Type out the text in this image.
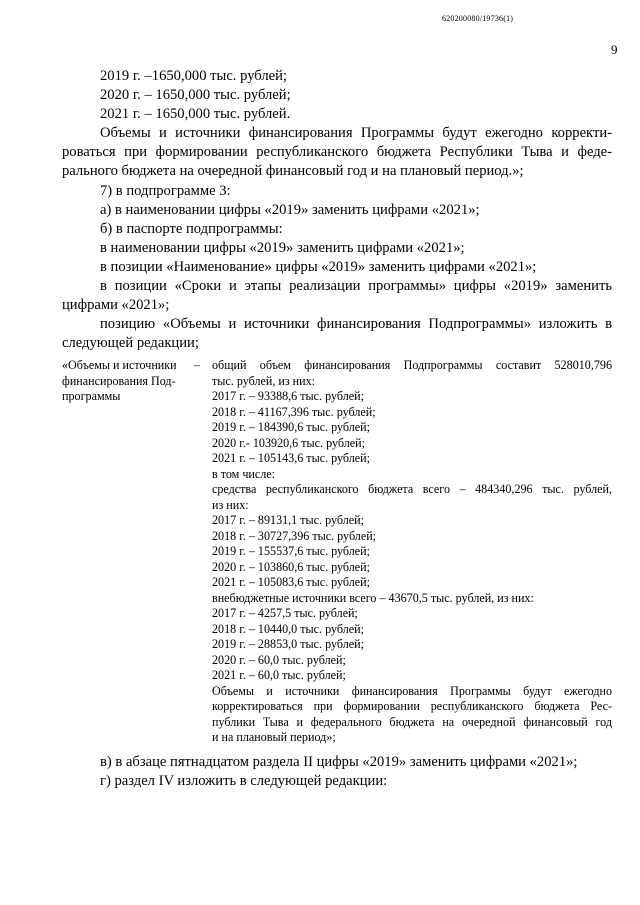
620200080/19736(1)
9

2019 г. –1650,000 тыс. рублей;

2020 г. – 1650,000 тыс. рублей;

2021 г. – 1650,000 тыс. рублей.

Объемы и источники финансирования Программы будут ежегодно корректи-

роваться при формировании республиканского бюджета Республики Тыва и феде-

рального бюджета на очередной финансовый год и на плановый период.»;

7) в подпрограмме 3:

а) в наименовании цифры «2019» заменить цифрами «2021»;

б) в паспорте подпрограммы:

в наименовании цифры «2019» заменить цифрами «2021»;

в позиции «Наименование» цифры «2019» заменить цифрами «2021»;

в позиции «Сроки и этапы реализации программы» цифры «2019» заменить

цифрами «2021»;

позицию «Объемы и источники финансирования Подпрограммы» изложить в

следующей редакции;

«Объемы и источники
финансирования Под-
программы
– общий объем финансирования Подпрограммы составит 528010,796
тыс. рублей, из них:
2017 г. – 93388,6 тыс. рублей;
2018 г. – 41167,396 тыс. рублей;
2019 г. – 184390,6 тыс. рублей;
2020 г.- 103920,6 тыс. рублей;
2021 г. – 105143,6 тыс. рублей;
в том числе:
средства республиканского бюджета всего – 484340,296 тыс. рублей,
из них:
2017 г. – 89131,1 тыс. рублей;
2018 г. – 30727,396 тыс. рублей;
2019 г. – 155537,6 тыс. рублей;
2020 г. – 103860,6 тыс. рублей;
2021 г. – 105083,6 тыс. рублей;
внебюджетные источники всего – 43670,5 тыс. рублей, из них:
2017 г. – 4257,5 тыс. рублей;
2018 г. – 10440,0 тыс. рублей;
2019 г. – 28853,0 тыс. рублей;
2020 г. – 60,0 тыс. рублей;
2021 г. – 60,0 тыс. рублей;
Объемы и источники финансирования Программы будут ежегодно
корректироваться при формировании республиканского бюджета Рес-
публики Тыва и федерального бюджета на очередной финансовый год
и на плановый период»;

в) в абзаце пятнадцатом раздела II цифры «2019» заменить цифрами «2021»;

г) раздел IV изложить в следующей редакции:
